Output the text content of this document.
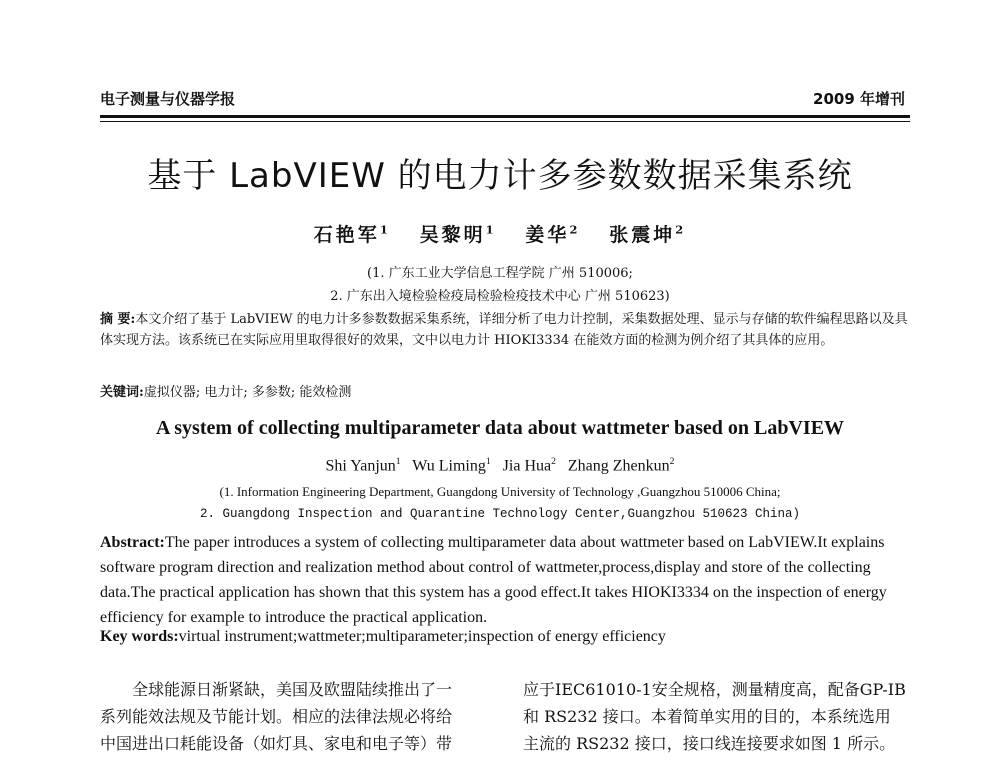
电子测量与仪器学报	2009 年增刊
基于 LabVIEW 的电力计多参数数据采集系统
石艳军$^1$ 吴黎明$^1$ 姜华$^2$ 张震坤$^2$
(1. 广东工业大学信息工程学院 广州 510006;
2. 广东出入境检验检疫局检验检疫技术中心 广州 510623)
摘 要:本文介绍了基于 LabVIEW 的电力计多参数数据采集系统，详细分析了电力计控制，采集数据处理、显示与存储的软件编程思路以及具体实现方法。该系统已在实际应用里取得很好的效果，文中以电力计 HIOKI3334 在能效方面的检测为例介绍了其具体的应用。
关键词:虚拟仪器; 电力计; 多参数; 能效检测
A system of collecting multiparameter data about wattmeter based on LabVIEW
Shi Yanjun$^1$ Wu Liming$^1$ Jia Hua$^2$ Zhang Zhenkun$^2$
(1. Information Engineering Department, Guangdong University of Technology ,Guangzhou 510006 China;
2. Guangdong Inspection and Quarantine Technology Center,Guangzhou 510623 China)
Abstract:The paper introduces a system of collecting multiparameter data about wattmeter based on LabVIEW.It explains software program direction and realization method about control of wattmeter,process,display and store of the collecting data.The practical application has shown that this system has a good effect.It takes HIOKI3334 on the inspection of energy efficiency for example to introduce the practical application.
Key words:virtual instrument;wattmeter;multiparameter;inspection of energy efficiency

　　全球能源日渐紧缺，美国及欧盟陆续推出了一

系列能效法规及节能计划。相应的法律法规必将给

中国进出口耗能设备（如灯具、家电和电子等）带

应于IEC61010-1安全规格，测量精度高，配备GP-IB

和 RS232 接口。本着简单实用的目的，本系统选用

主流的 RS232 接口，接口线连接要求如图 1 所示。
